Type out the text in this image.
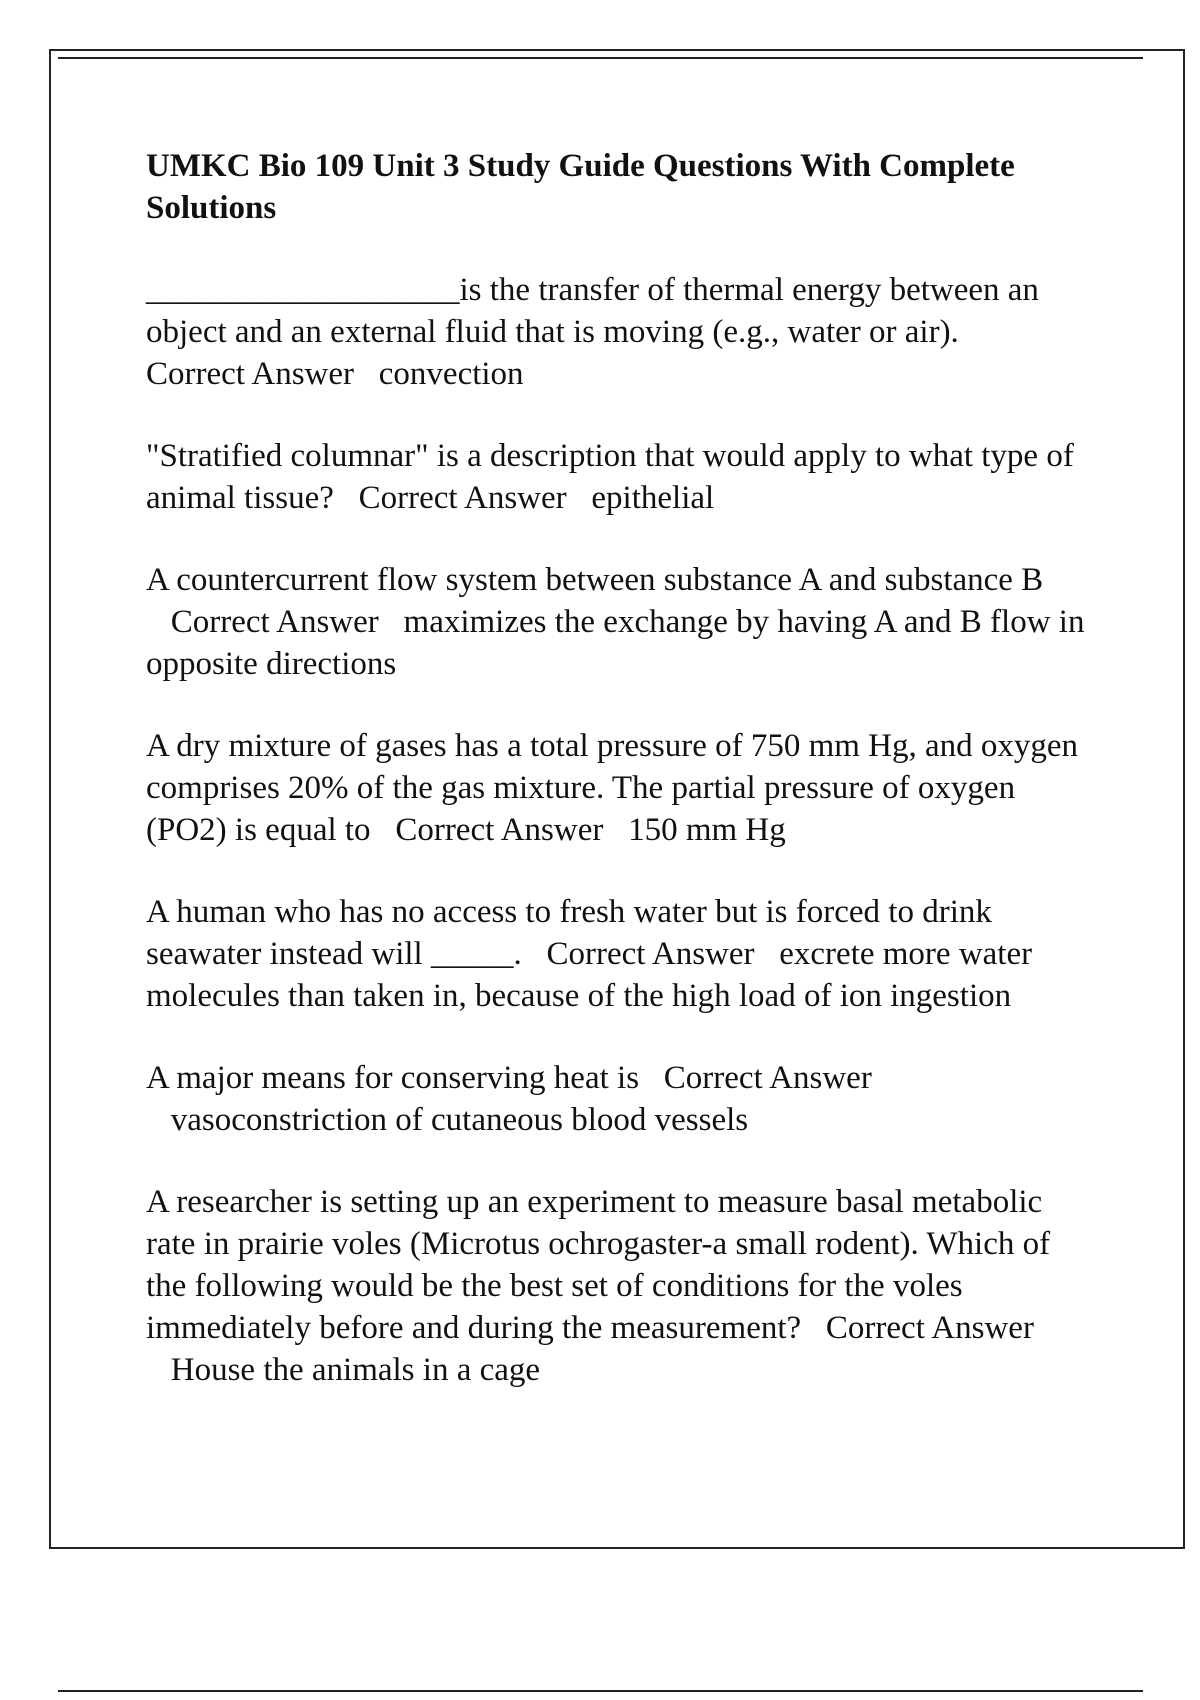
UMKC Bio 109 Unit 3 Study Guide Questions With Complete Solutions
___________________is the transfer of thermal energy between an object and an external fluid that is moving (e.g., water or air).
Correct Answer convection
"Stratified columnar" is a description that would apply to what type of animal tissue? Correct Answer epithelial
A countercurrent flow system between substance A and substance B   Correct Answer maximizes the exchange by having A and B flow in opposite directions
A dry mixture of gases has a total pressure of 750 mm Hg, and oxygen comprises 20% of the gas mixture. The partial pressure of oxygen (PO2) is equal to Correct Answer 150 mm Hg
A human who has no access to fresh water but is forced to drink seawater instead will _____. Correct Answer excrete more water molecules than taken in, because of the high load of ion ingestion
A major means for conserving heat is Correct Answer   vasoconstriction of cutaneous blood vessels
A researcher is setting up an experiment to measure basal metabolic rate in prairie voles (Microtus ochrogaster-a small rodent). Which of the following would be the best set of conditions for the voles immediately before and during the measurement? Correct Answer   House the animals in a cage
